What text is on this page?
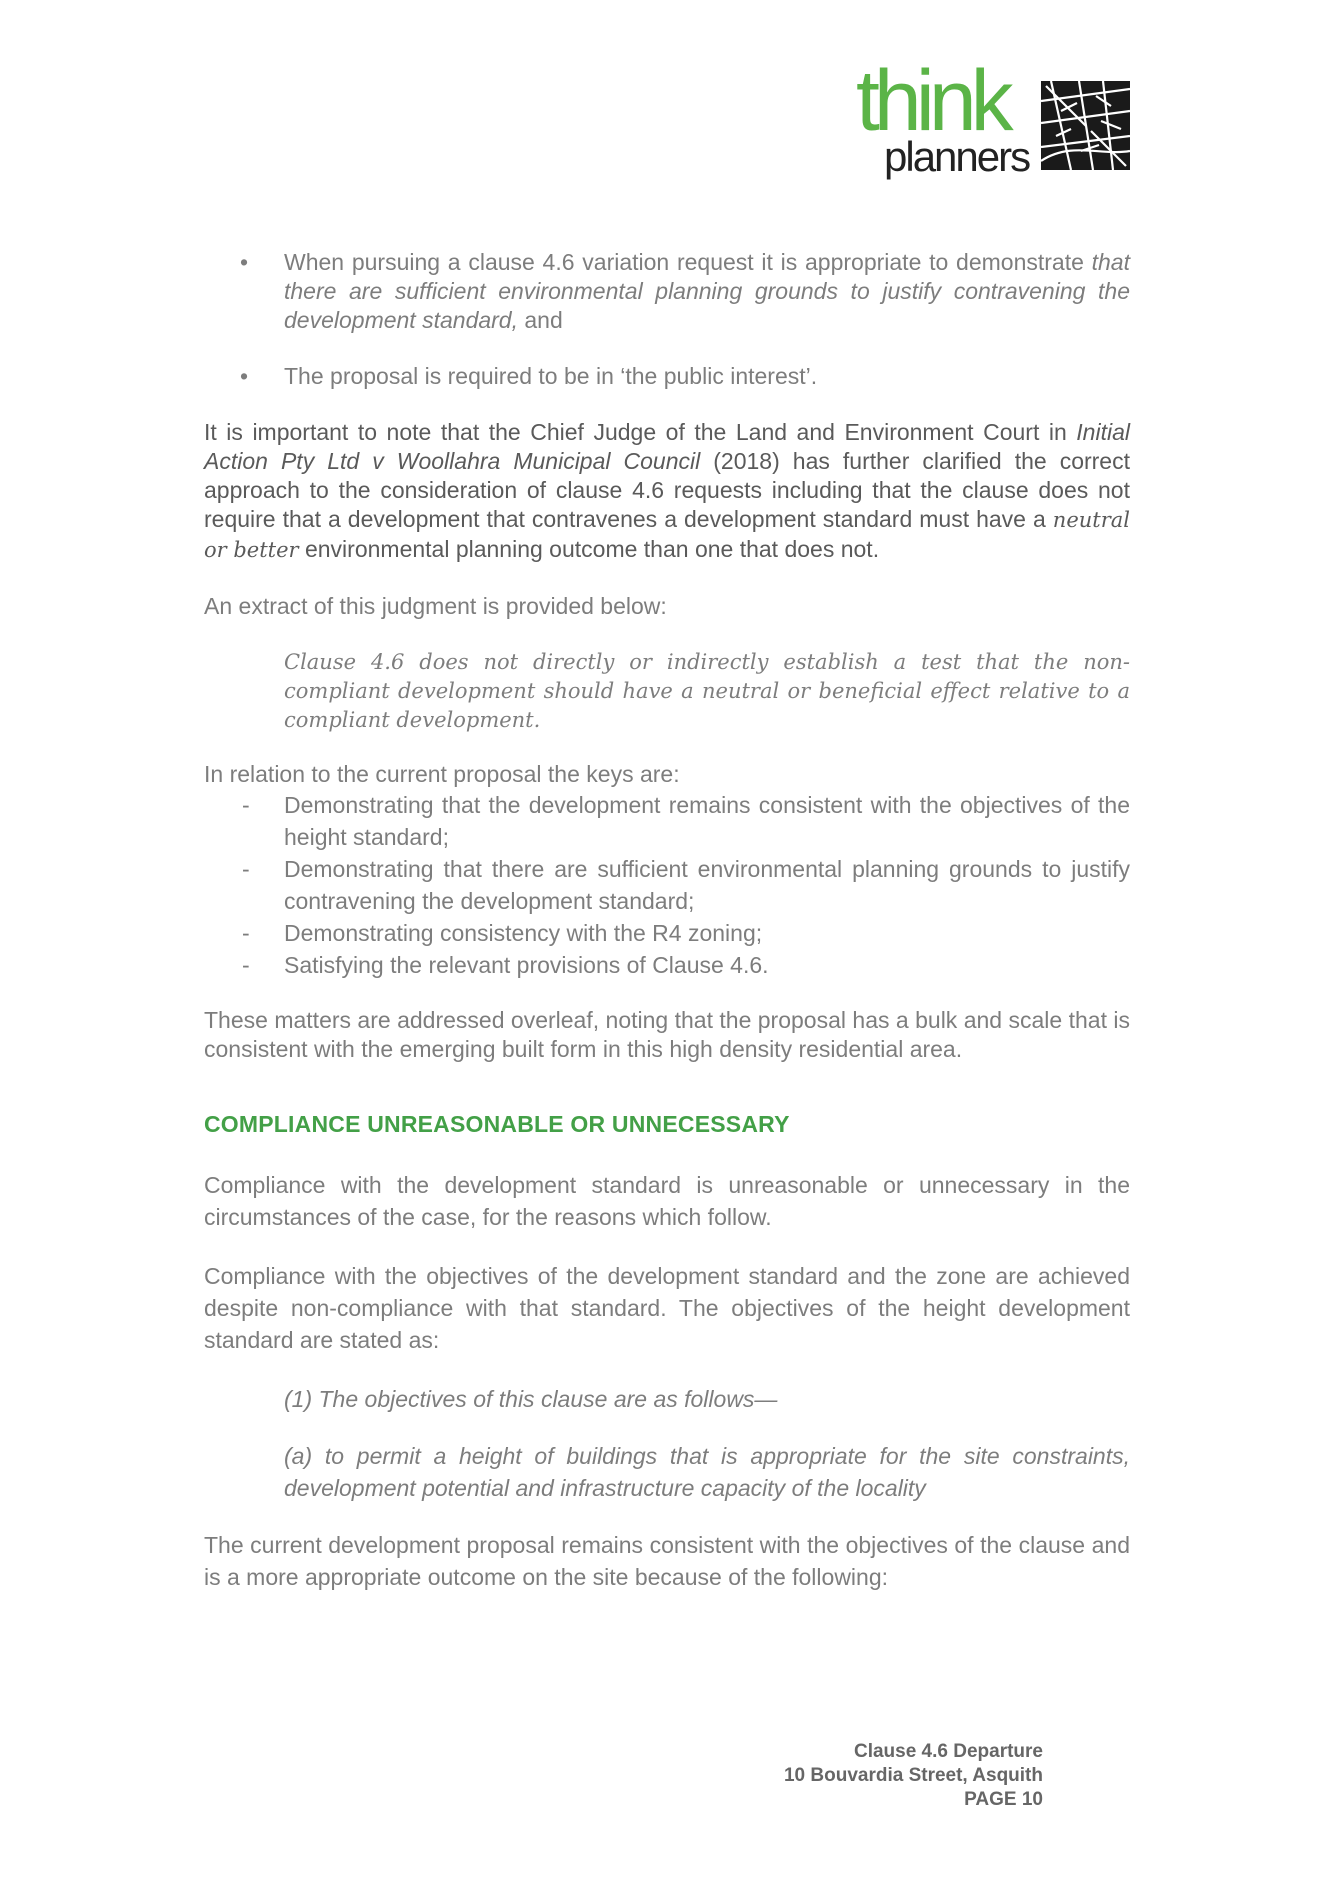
think
planners

• When pursuing a clause 4.6 variation request it is appropriate to demonstrate that there are sufficient environmental planning grounds to justify contravening the development standard, and

• The proposal is required to be in ‘the public interest’.

It is important to note that the Chief Judge of the Land and Environment Court in Initial Action Pty Ltd v Woollahra Municipal Council (2018) has further clarified the correct approach to the consideration of clause 4.6 requests including that the clause does not require that a development that contravenes a development standard must have a neutral or better environmental planning outcome than one that does not.

An extract of this judgment is provided below:

Clause 4.6 does not directly or indirectly establish a test that the non-compliant development should have a neutral or beneficial effect relative to a compliant development.

In relation to the current proposal the keys are:

- Demonstrating that the development remains consistent with the objectives of the height standard;
- Demonstrating that there are sufficient environmental planning grounds to justify contravening the development standard;
- Demonstrating consistency with the R4 zoning;
- Satisfying the relevant provisions of Clause 4.6.

These matters are addressed overleaf, noting that the proposal has a bulk and scale that is consistent with the emerging built form in this high density residential area.

COMPLIANCE UNREASONABLE OR UNNECESSARY

Compliance with the development standard is unreasonable or unnecessary in the circumstances of the case, for the reasons which follow.

Compliance with the objectives of the development standard and the zone are achieved despite non-compliance with that standard. The objectives of the height development standard are stated as:

(1) The objectives of this clause are as follows—

(a) to permit a height of buildings that is appropriate for the site constraints, development potential and infrastructure capacity of the locality

The current development proposal remains consistent with the objectives of the clause and is a more appropriate outcome on the site because of the following:

Clause 4.6 Departure
10 Bouvardia Street, Asquith
PAGE 10
